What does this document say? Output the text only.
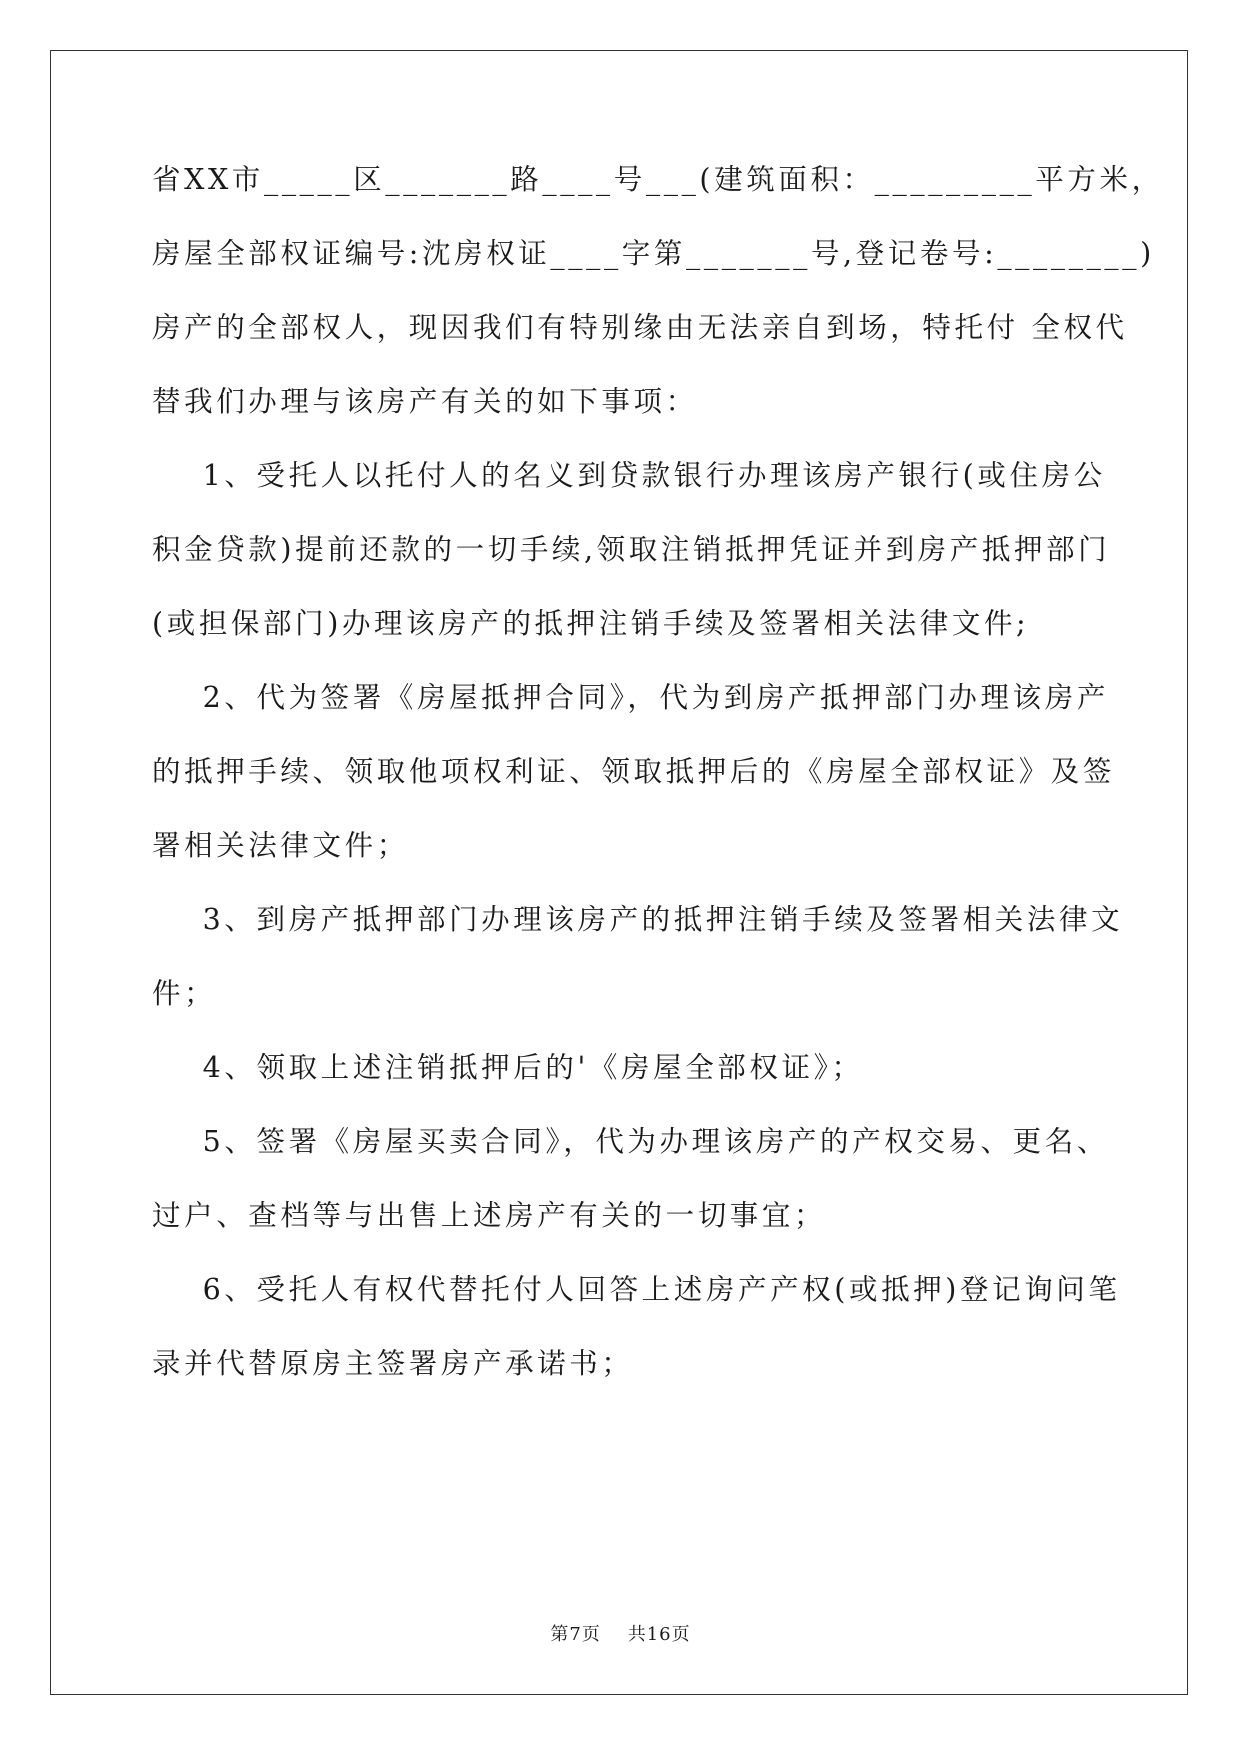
省XX市_____区_______路____号___(建筑面积：_________平方米，
房屋全部权证编号:沈房权证____字第_______号,登记卷号:________)
房产的全部权人，现因我们有特别缘由无法亲自到场，特托付 全权代
替我们办理与该房产有关的如下事项：
1、受托人以托付人的名义到贷款银行办理该房产银行(或住房公
积金贷款)提前还款的一切手续,领取注销抵押凭证并到房产抵押部门
(或担保部门)办理该房产的抵押注销手续及签署相关法律文件;
2、代为签署《房屋抵押合同》，代为到房产抵押部门办理该房产
的抵押手续、领取他项权利证、领取抵押后的《房屋全部权证》及签
署相关法律文件；
3、到房产抵押部门办理该房产的抵押注销手续及签署相关法律文
件；
4、领取上述注销抵押后的'《房屋全部权证》；
5、签署《房屋买卖合同》，代为办理该房产的产权交易、更名、
过户、查档等与出售上述房产有关的一切事宜；
6、受托人有权代替托付人回答上述房产产权(或抵押)登记询问笔
录并代替原房主签署房产承诺书；
第7页    共16页
